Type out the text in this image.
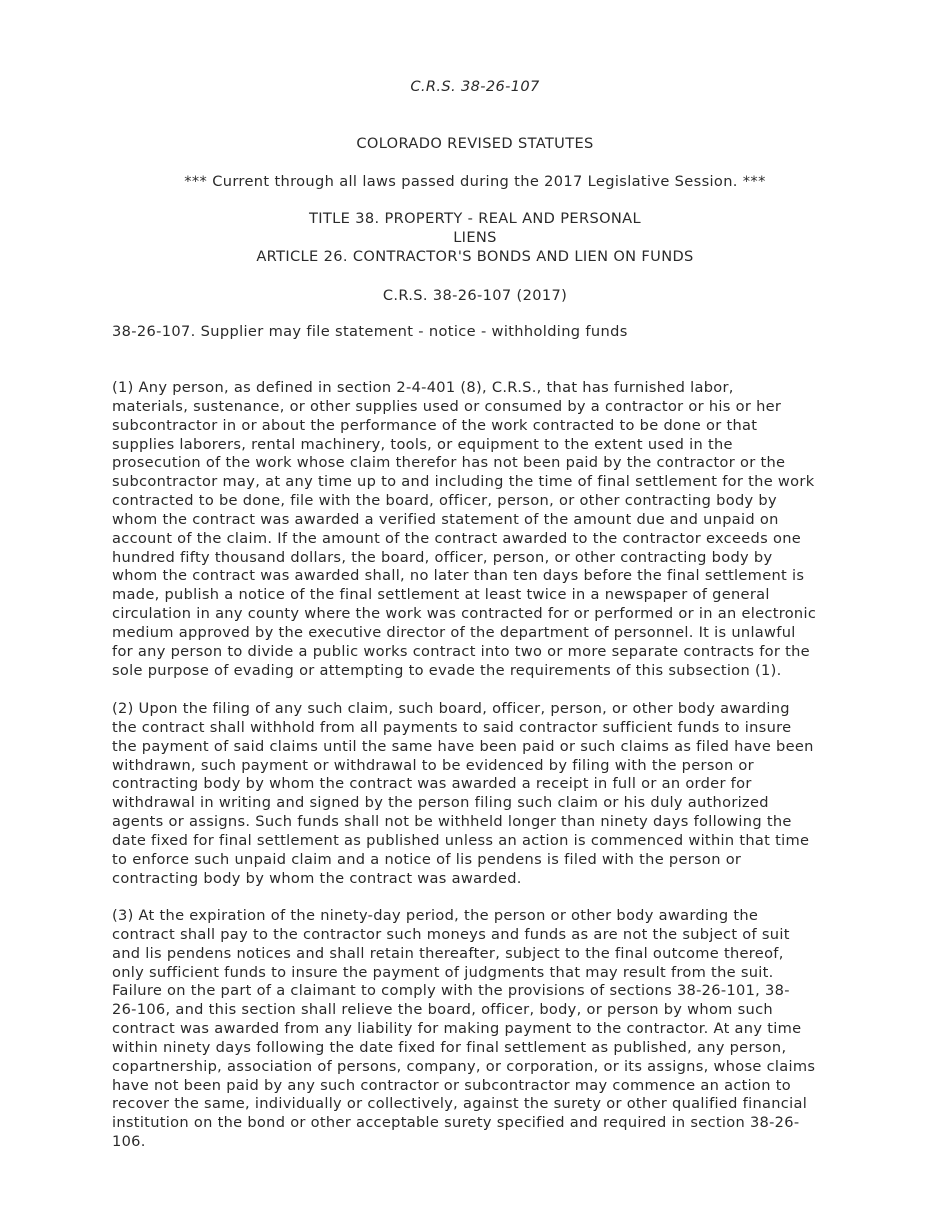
C.R.S. 38-26-107
COLORADO REVISED STATUTES
*** Current through all laws passed during the 2017 Legislative Session. ***
TITLE 38. PROPERTY - REAL AND PERSONAL
LIENS
ARTICLE 26. CONTRACTOR'S BONDS AND LIEN ON FUNDS
C.R.S. 38-26-107 (2017)
38-26-107. Supplier may file statement - notice - withholding funds
(1) Any person, as defined in section 2-4-401 (8), C.R.S., that has furnished labor,
materials, sustenance, or other supplies used or consumed by a contractor or his or her
subcontractor in or about the performance of the work contracted to be done or that
supplies laborers, rental machinery, tools, or equipment to the extent used in the
prosecution of the work whose claim therefor has not been paid by the contractor or the
subcontractor may, at any time up to and including the time of final settlement for the work
contracted to be done, file with the board, officer, person, or other contracting body by
whom the contract was awarded a verified statement of the amount due and unpaid on
account of the claim. If the amount of the contract awarded to the contractor exceeds one
hundred fifty thousand dollars, the board, officer, person, or other contracting body by
whom the contract was awarded shall, no later than ten days before the final settlement is
made, publish a notice of the final settlement at least twice in a newspaper of general
circulation in any county where the work was contracted for or performed or in an electronic
medium approved by the executive director of the department of personnel. It is unlawful
for any person to divide a public works contract into two or more separate contracts for the
sole purpose of evading or attempting to evade the requirements of this subsection (1).
(2) Upon the filing of any such claim, such board, officer, person, or other body awarding
the contract shall withhold from all payments to said contractor sufficient funds to insure
the payment of said claims until the same have been paid or such claims as filed have been
withdrawn, such payment or withdrawal to be evidenced by filing with the person or
contracting body by whom the contract was awarded a receipt in full or an order for
withdrawal in writing and signed by the person filing such claim or his duly authorized
agents or assigns. Such funds shall not be withheld longer than ninety days following the
date fixed for final settlement as published unless an action is commenced within that time
to enforce such unpaid claim and a notice of lis pendens is filed with the person or
contracting body by whom the contract was awarded.
(3) At the expiration of the ninety-day period, the person or other body awarding the
contract shall pay to the contractor such moneys and funds as are not the subject of suit
and lis pendens notices and shall retain thereafter, subject to the final outcome thereof,
only sufficient funds to insure the payment of judgments that may result from the suit.
Failure on the part of a claimant to comply with the provisions of sections 38-26-101, 38-
26-106, and this section shall relieve the board, officer, body, or person by whom such
contract was awarded from any liability for making payment to the contractor. At any time
within ninety days following the date fixed for final settlement as published, any person,
copartnership, association of persons, company, or corporation, or its assigns, whose claims
have not been paid by any such contractor or subcontractor may commence an action to
recover the same, individually or collectively, against the surety or other qualified financial
institution on the bond or other acceptable surety specified and required in section 38-26-
106.
